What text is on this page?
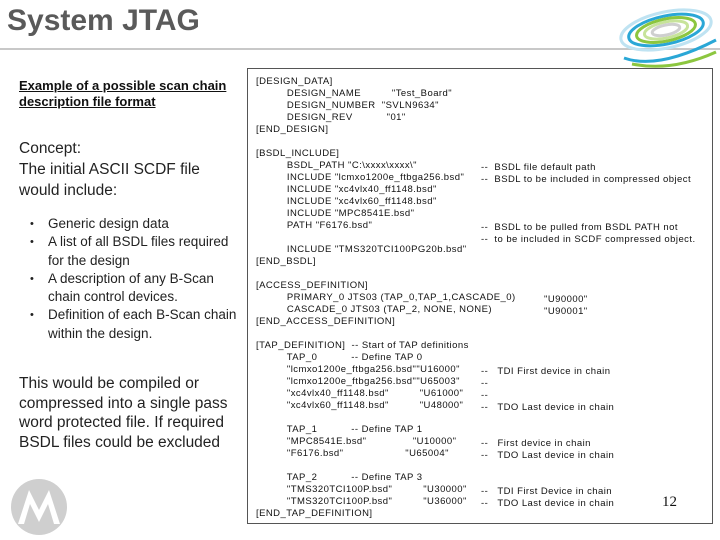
System JTAG

Example of a possible scan chain description file format

Concept:
The initial ASCII SCDF file would include:
• Generic design data
• A list of all BSDL files required for the design
• A description of any B-Scan chain control devices.
• Definition of each B-Scan chain within the design.

This would be compiled or compressed into a single pass word protected file. If required BSDL files could be excluded

[DESIGN_DATA]
DESIGN_NAME          "Test_Board"
DESIGN_NUMBER  "SVLN9634"
DESIGN_REV           "01"
[END_DESIGN]

[BSDL_INCLUDE]
BSDL_PATH "C:\xxxx\xxxx\"
INCLUDE "lcmxo1200e_ftbga256.bsd"
INCLUDE "xc4vlx40_ff1148.bsd"
INCLUDE "xc4vlx60_ff1148.bsd"
INCLUDE "MPC8541E.bsd"
PATH "F6176.bsd"

INCLUDE "TMS320TCI100PG20b.bsd"
[END_BSDL]

[ACCESS_DEFINITION]
PRIMARY_0 JTS03 (TAP_0,TAP_1,CASCADE_0)
CASCADE_0 JTS03 (TAP_2, NONE, NONE)
[END_ACCESS_DEFINITION]

[TAP_DEFINITION]  -- Start of TAP definitions
TAP_0           -- Define TAP 0
"lcmxo1200e_ftbga256.bsd""U16000"
"lcmxo1200e_ftbga256.bsd""U65003"
"xc4vlx40_ff1148.bsd"          "U61000"
"xc4vlx60_ff1148.bsd"          "U48000"

TAP_1           -- Define TAP 1
"MPC8541E.bsd"               "U10000"
"F6176.bsd"                    "U65004"

TAP_2           -- Define TAP 3
"TMS320TCI100P.bsd"          "U30000"
"TMS320TCI100P.bsd"          "U36000"
[END_TAP_DEFINITION]
--  BSDL file default path
--  BSDL to be included in compressed object

--  BSDL to be pulled from BSDL PATH not
--  to be included in SCDF compressed object.
"U90000"
"U90001"
--   TDI First device in chain
--
--
--   TDO Last device in chain
--   First device in chain
--   TDO Last device in chain
--   TDI First Device in chain
--   TDO Last device in chain	12
